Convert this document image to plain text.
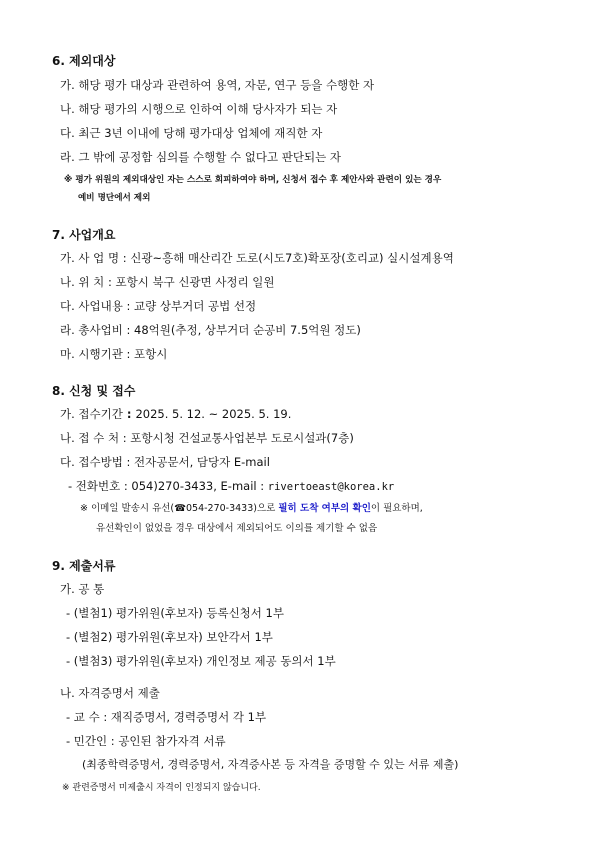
6. 제외대상
가. 해당 평가 대상과 관련하여 용역, 자문, 연구 등을 수행한 자
나. 해당 평가의 시행으로 인하여 이해 당사자가 되는 자
다. 최근 3년 이내에 당해 평가대상 업체에 재직한 자
라. 그 밖에 공정함 심의를 수행할 수 없다고 판단되는 자
※ 평가 위원의 제외대상인 자는 스스로 회피하여야 하며, 신청서 접수 후 제안사와 관련이 있는 경우
예비 명단에서 제외
7. 사업개요
가. 사 업 명 : 신광~흥해 매산리간 도로(시도7호)확포장(호리교) 실시설계용역
나. 위 치 : 포항시 북구 신광면 사정리 일원
다. 사업내용 : 교량 상부거더 공법 선정
라. 총사업비 : 48억원(추정, 상부거더 순공비 7.5억원 정도)
마. 시행기관 : 포항시
8. 신청 및 접수
가. 접수기간 : 2025. 5. 12. ~ 2025. 5. 19.
나. 접 수 처 : 포항시청 건설교통사업본부 도로시설과(7층)
다. 접수방법 : 전자공문서, 담당자 E-mail
- 전화번호 : 054)270-3433, E-mail : rivertoeast@korea.kr
※ 이메일 발송시 유선(☎054-270-3433)으로 필히 도착 여부의 확인이 필요하며,
유선확인이 없었을 경우 대상에서 제외되어도 이의를 제기할 수 없음
9. 제출서류
가. 공 통
- (별첨1) 평가위원(후보자) 등록신청서 1부
- (별첨2) 평가위원(후보자) 보안각서 1부
- (별첨3) 평가위원(후보자) 개인정보 제공 동의서 1부
나. 자격증명서 제출
- 교 수 : 재직증명서, 경력증명서 각 1부
- 민간인 : 공인된 참가자격 서류
(최종학력증명서, 경력증명서, 자격증사본 등 자격을 증명할 수 있는 서류 제출)
※ 관련증명서 미제출시 자격이 인정되지 않습니다.
